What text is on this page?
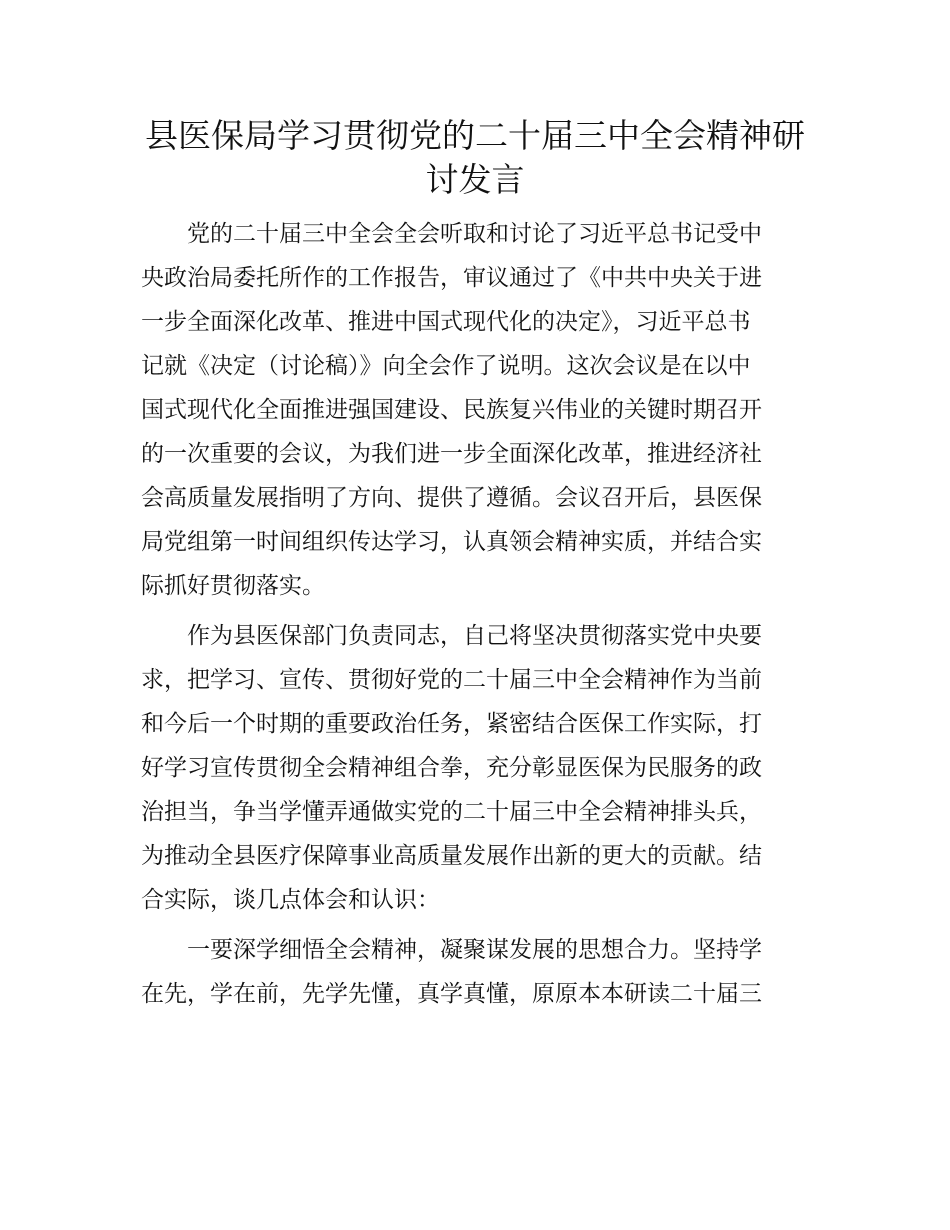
县医保局学习贯彻党的二十届三中全会精神研
讨发言

　　党的二十届三中全会全会听取和讨论了习近平总书记受中

央政治局委托所作的工作报告，审议通过了《中共中央关于进

一步全面深化改革、推进中国式现代化的决定》，习近平总书

记就《决定（讨论稿）》向全会作了说明。这次会议是在以中

国式现代化全面推进强国建设、民族复兴伟业的关键时期召开

的一次重要的会议，为我们进一步全面深化改革，推进经济社

会高质量发展指明了方向、提供了遵循。会议召开后，县医保

局党组第一时间组织传达学习，认真领会精神实质，并结合实

际抓好贯彻落实。

　　作为县医保部门负责同志，自己将坚决贯彻落实党中央要

求，把学习、宣传、贯彻好党的二十届三中全会精神作为当前

和今后一个时期的重要政治任务，紧密结合医保工作实际，打

好学习宣传贯彻全会精神组合拳，充分彰显医保为民服务的政

治担当，争当学懂弄通做实党的二十届三中全会精神排头兵，

为推动全县医疗保障事业高质量发展作出新的更大的贡献。结

合实际，谈几点体会和认识：

　　一要深学细悟全会精神，凝聚谋发展的思想合力。坚持学

在先，学在前，先学先懂，真学真懂，原原本本研读二十届三
